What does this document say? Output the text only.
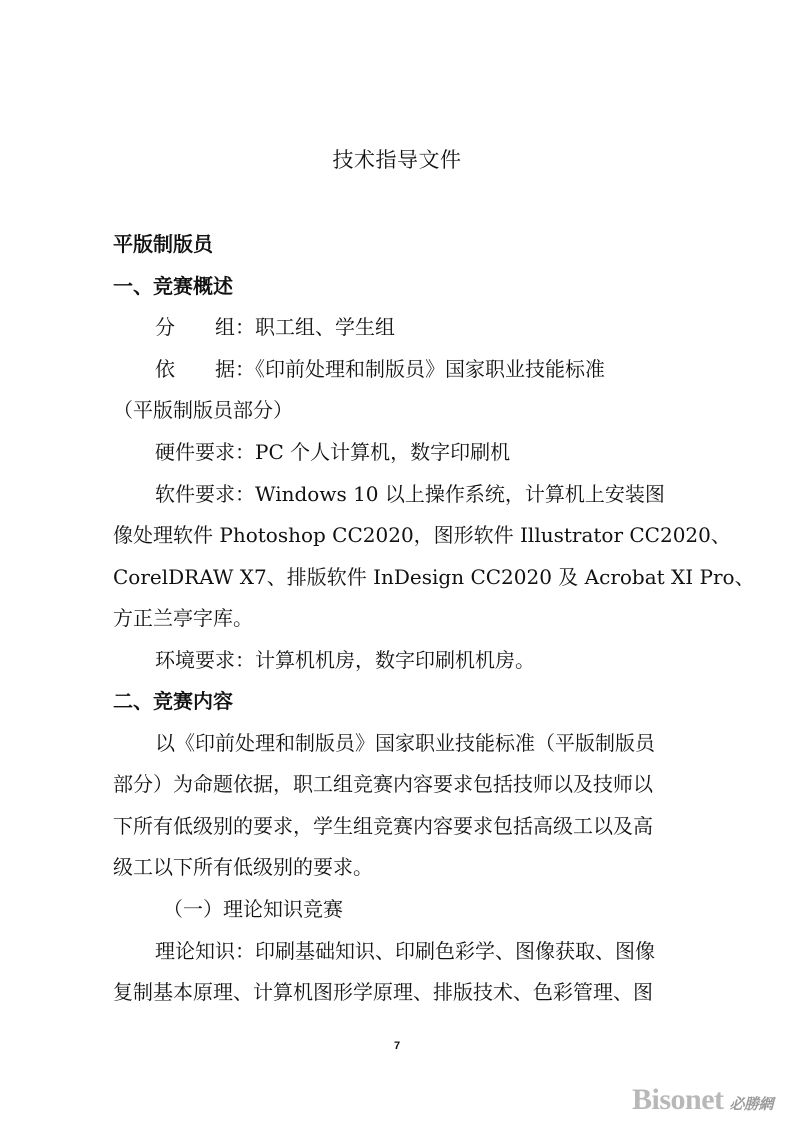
技术指导文件
平版制版员
一、竞赛概述
分　　组：职工组、学生组
依　　据：《印前处理和制版员》国家职业技能标准
（平版制版员部分）
硬件要求：PC 个人计算机，数字印刷机
软件要求：Windows 10 以上操作系统，计算机上安装图
像处理软件 Photoshop CC2020，图形软件 Illustrator CC2020、
CorelDRAW X7、排版软件 InDesign CC2020 及 Acrobat XI Pro、
方正兰亭字库。
环境要求：计算机机房，数字印刷机机房。
二、竞赛内容
以《印前处理和制版员》国家职业技能标准（平版制版员
部分）为命题依据，职工组竞赛内容要求包括技师以及技师以
下所有低级别的要求，学生组竞赛内容要求包括高级工以及高
级工以下所有低级别的要求。
（一）理论知识竞赛
理论知识：印刷基础知识、印刷色彩学、图像获取、图像
复制基本原理、计算机图形学原理、排版技术、色彩管理、图
7
Bisonet 必勝網
